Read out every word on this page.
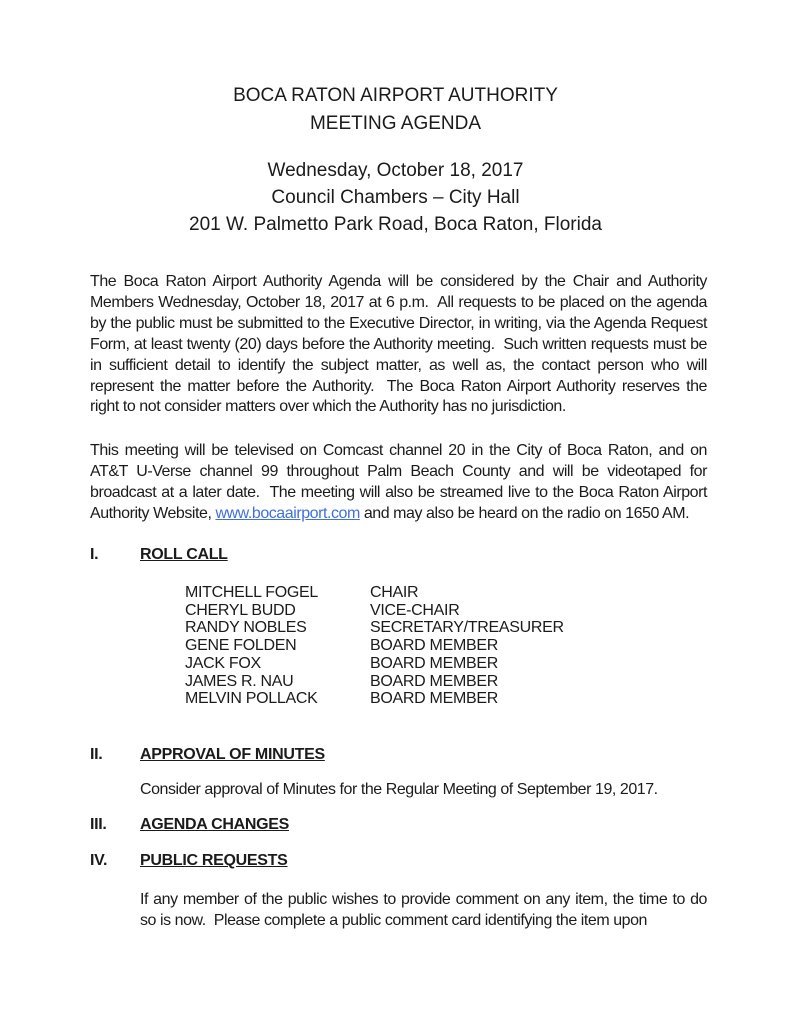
BOCA RATON AIRPORT AUTHORITY
MEETING AGENDA
Wednesday, October 18, 2017
Council Chambers – City Hall
201 W. Palmetto Park Road, Boca Raton, Florida

The Boca Raton Airport Authority Agenda will be considered by the Chair and Authority Members Wednesday, October 18, 2017 at 6 p.m.  All requests to be placed on the agenda by the public must be submitted to the Executive Director, in writing, via the Agenda Request Form, at least twenty (20) days before the Authority meeting.  Such written requests must be in sufficient detail to identify the subject matter, as well as, the contact person who will represent the matter before the Authority.  The Boca Raton Airport Authority reserves the right to not consider matters over which the Authority has no jurisdiction.

This meeting will be televised on Comcast channel 20 in the City of Boca Raton, and on AT&T U-Verse channel 99 throughout Palm Beach County and will be videotaped for broadcast at a later date.  The meeting will also be streamed live to the Boca Raton Airport Authority Website, www.bocaairport.com and may also be heard on the radio on 1650 AM.

I.	ROLL CALL
MITCHELL FOGEL	CHAIR
CHERYL BUDD	VICE-CHAIR
RANDY NOBLES	SECRETARY/TREASURER
GENE FOLDEN	BOARD MEMBER
JACK FOX	BOARD MEMBER
JAMES R. NAU	BOARD MEMBER
MELVIN POLLACK	BOARD MEMBER
II. APPROVAL OF MINUTES

Consider approval of Minutes for the Regular Meeting of September 19, 2017.

III. AGENDA CHANGES
IV. PUBLIC REQUESTS

If any member of the public wishes to provide comment on any item, the time to do so is now.  Please complete a public comment card identifying the item upon
